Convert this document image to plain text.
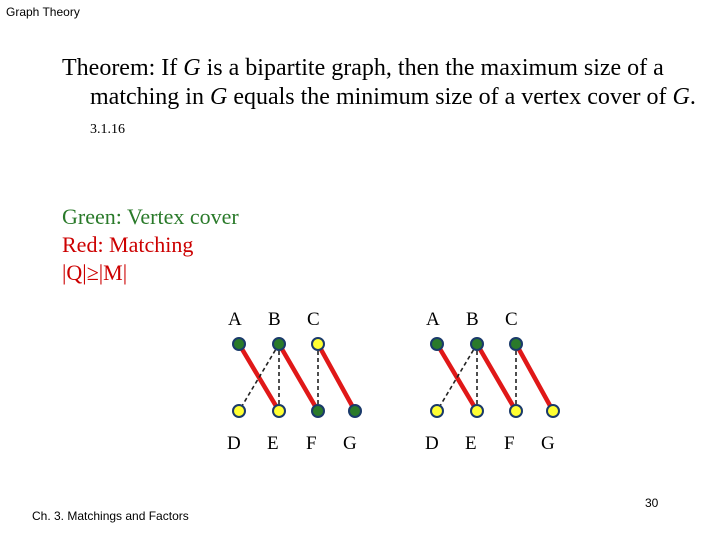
Graph Theory
Theorem: If G is a bipartite graph, then the maximum size of a matching in G equals the minimum size of a vertex cover of G. 3.1.16
Green: Vertex cover
Red: Matching
|Q|≥|M|
A B C
D E F G
A B C
D E F G
Ch. 3. Matchings and Factors
30
